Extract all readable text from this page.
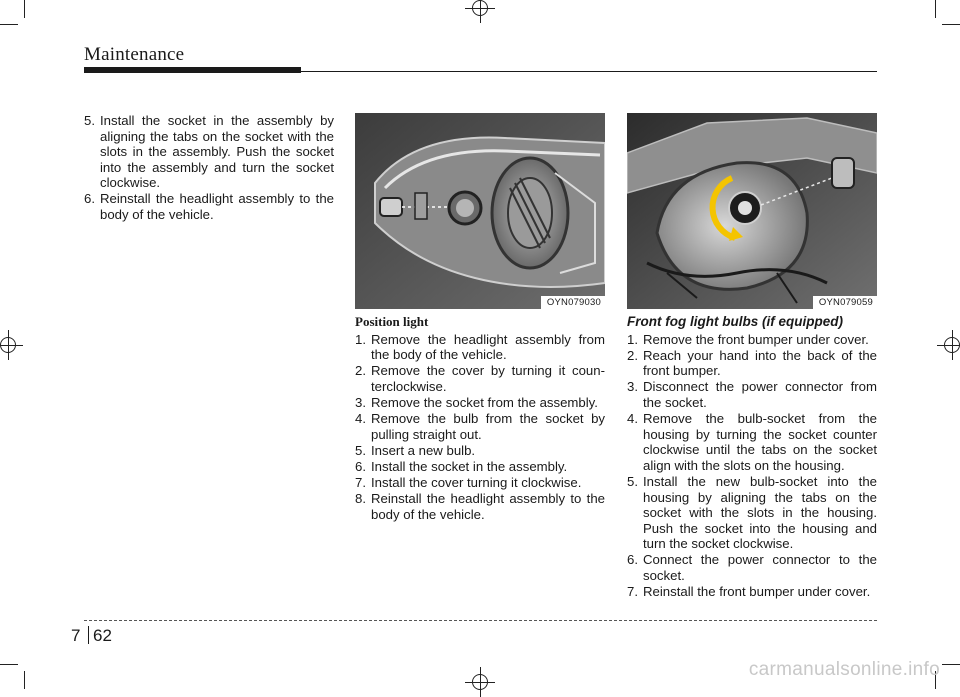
Maintenance
5. Install the socket in the assembly by aligning the tabs on the socket with the slots in the assembly. Push the socket into the assembly and turn the socket clockwise.
6. Reinstall the headlight assembly to the body of the vehicle.
OYN079030	OYN079059
Position light
1. Remove the headlight assembly from the body of the vehicle.
2. Remove the cover by turning it coun-terclockwise.
3. Remove the socket from the assembly.
4. Remove the bulb from the socket by pulling straight out.
5. Insert a new bulb.
6. Install the socket in the assembly.
7. Install the cover turning it clockwise.
8. Reinstall the headlight assembly to the body of the vehicle.
Front fog light bulbs (if equipped)
1. Remove the front bumper under cover.
2. Reach your hand into the back of the front bumper.
3. Disconnect the power connector from the socket.
4. Remove the bulb-socket from the housing by turning the socket counter clockwise until the tabs on the socket align with the slots on the housing.
5. Install the new bulb-socket into the housing by aligning the tabs on the socket with the slots in the housing. Push the socket into the housing and turn the socket clockwise.
6. Connect the power connector to the socket.
7. Reinstall the front bumper under cover.
7 62
carmanualsonline.info
